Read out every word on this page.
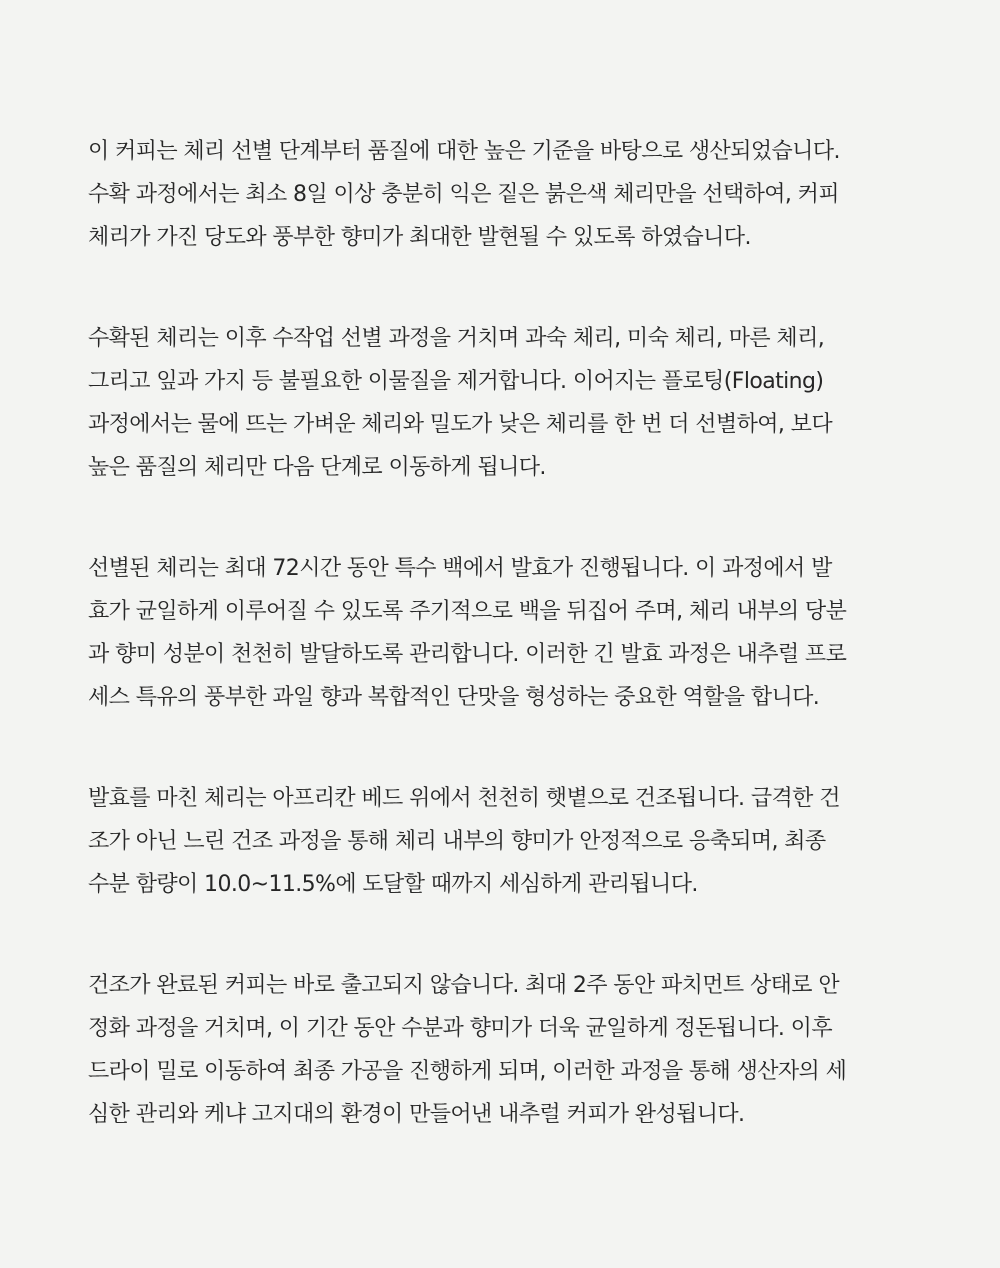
이 커피는 체리 선별 단계부터 품질에 대한 높은 기준을 바탕으로 생산되었습니다.
수확 과정에서는 최소 8일 이상 충분히 익은 짙은 붉은색 체리만을 선택하여, 커피
체리가 가진 당도와 풍부한 향미가 최대한 발현될 수 있도록 하였습니다.

수확된 체리는 이후 수작업 선별 과정을 거치며 과숙 체리, 미숙 체리, 마른 체리,
그리고 잎과 가지 등 불필요한 이물질을 제거합니다. 이어지는 플로팅(Floating)
과정에서는 물에 뜨는 가벼운 체리와 밀도가 낮은 체리를 한 번 더 선별하여, 보다
높은 품질의 체리만 다음 단계로 이동하게 됩니다.

선별된 체리는 최대 72시간 동안 특수 백에서 발효가 진행됩니다. 이 과정에서 발
효가 균일하게 이루어질 수 있도록 주기적으로 백을 뒤집어 주며, 체리 내부의 당분
과 향미 성분이 천천히 발달하도록 관리합니다. 이러한 긴 발효 과정은 내추럴 프로
세스 특유의 풍부한 과일 향과 복합적인 단맛을 형성하는 중요한 역할을 합니다.

발효를 마친 체리는 아프리칸 베드 위에서 천천히 햇볕으로 건조됩니다. 급격한 건
조가 아닌 느린 건조 과정을 통해 체리 내부의 향미가 안정적으로 응축되며, 최종
수분 함량이 10.0~11.5%에 도달할 때까지 세심하게 관리됩니다.

건조가 완료된 커피는 바로 출고되지 않습니다. 최대 2주 동안 파치먼트 상태로 안
정화 과정을 거치며, 이 기간 동안 수분과 향미가 더욱 균일하게 정돈됩니다. 이후
드라이 밀로 이동하여 최종 가공을 진행하게 되며, 이러한 과정을 통해 생산자의 세
심한 관리와 케냐 고지대의 환경이 만들어낸 내추럴 커피가 완성됩니다.
